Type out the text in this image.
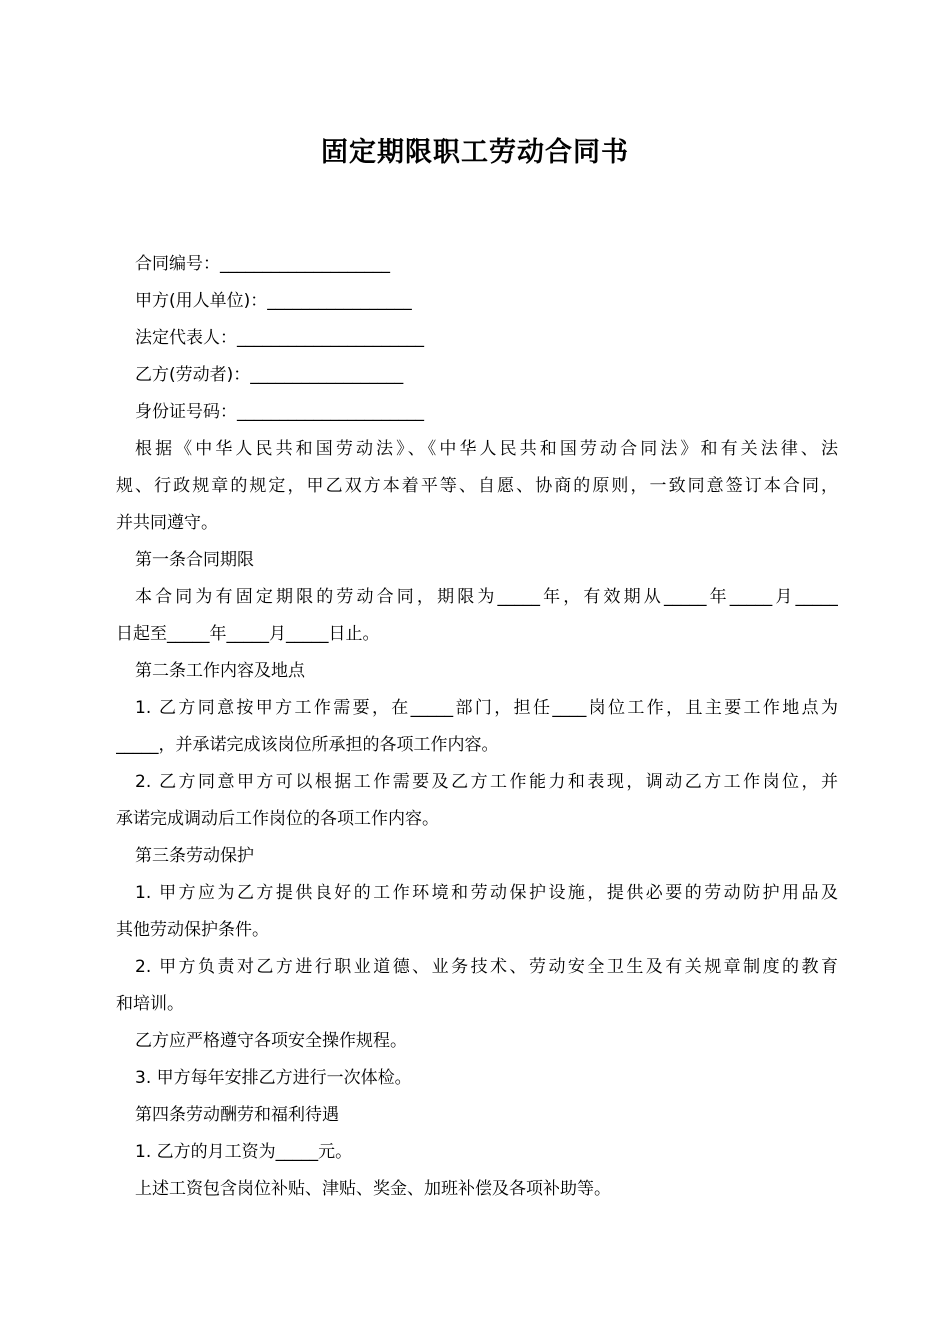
固定期限职工劳动合同书
合同编号：____________________
甲方(用人单位)：_________________
法定代表人：______________________
乙方(劳动者)：__________________
身份证号码：______________________
根据《中华人民共和国劳动法》、《中华人民共和国劳动合同法》和有关法律、法
规、行政规章的规定，甲乙双方本着平等、自愿、协商的原则，一致同意签订本合同，
并共同遵守。
第一条合同期限
本合同为有固定期限的劳动合同，期限为_____年，有效期从_____年_____月_____
日起至_____年_____月_____日止。
第二条工作内容及地点
1. 乙方同意按甲方工作需要，在_____部门，担任____岗位工作，且主要工作地点为
_____，并承诺完成该岗位所承担的各项工作内容。
2. 乙方同意甲方可以根据工作需要及乙方工作能力和表现，调动乙方工作岗位，并
承诺完成调动后工作岗位的各项工作内容。
第三条劳动保护
1. 甲方应为乙方提供良好的工作环境和劳动保护设施，提供必要的劳动防护用品及
其他劳动保护条件。
2. 甲方负责对乙方进行职业道德、业务技术、劳动安全卫生及有关规章制度的教育
和培训。
乙方应严格遵守各项安全操作规程。
3. 甲方每年安排乙方进行一次体检。
第四条劳动酬劳和福利待遇
1. 乙方的月工资为_____元。
上述工资包含岗位补贴、津贴、奖金、加班补偿及各项补助等。
